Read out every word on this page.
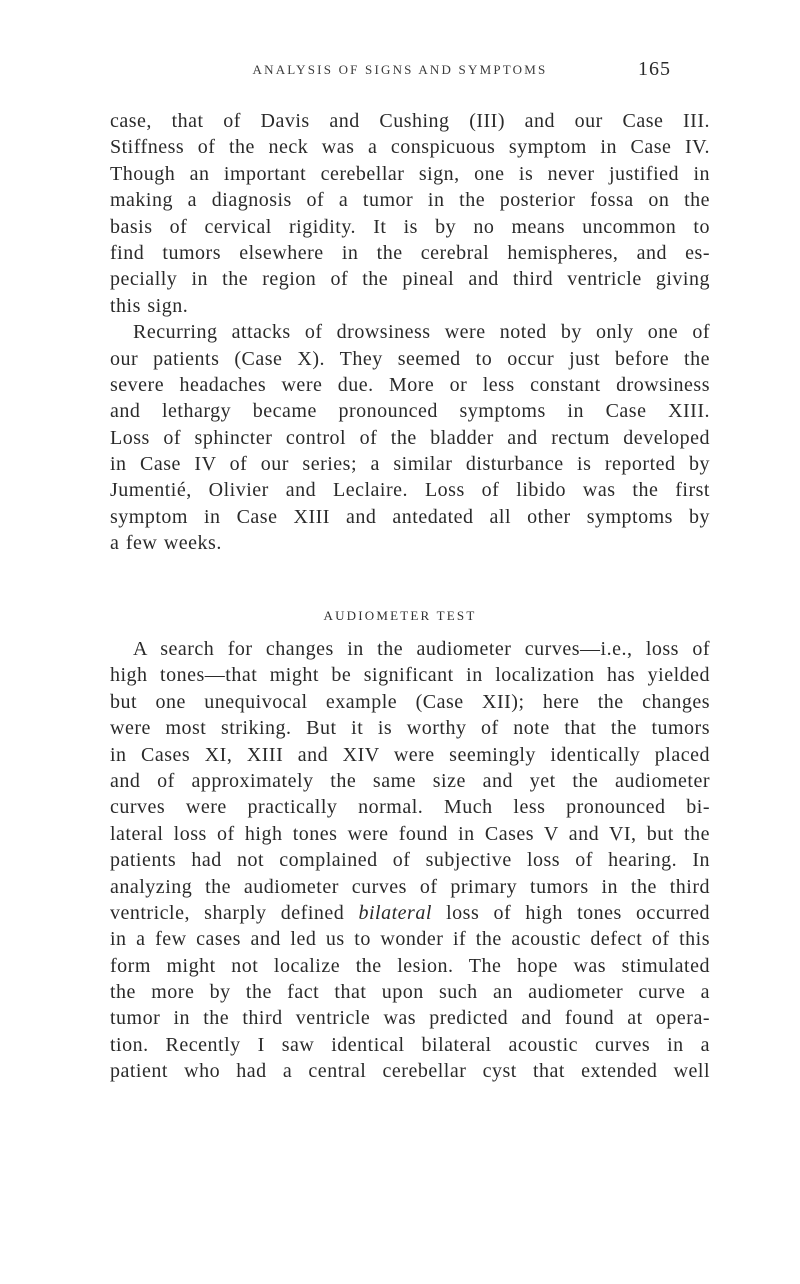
ANALYSIS OF SIGNS AND SYMPTOMS	165
case, that of Davis and Cushing (III) and our Case III.
Stiffness of the neck was a conspicuous symptom in Case IV.
Though an important cerebellar sign, one is never justified in
making a diagnosis of a tumor in the posterior fossa on the
basis of cervical rigidity. It is by no means uncommon to
find tumors elsewhere in the cerebral hemispheres, and es-
pecially in the region of the pineal and third ventricle giving
this sign.
Recurring attacks of drowsiness were noted by only one of
our patients (Case X). They seemed to occur just before the
severe headaches were due. More or less constant drowsiness
and lethargy became pronounced symptoms in Case XIII.
Loss of sphincter control of the bladder and rectum developed
in Case IV of our series; a similar disturbance is reported by
Jumentié, Olivier and Leclaire. Loss of libido was the first
symptom in Case XIII and antedated all other symptoms by
a few weeks.
AUDIOMETER TEST
A search for changes in the audiometer curves—i.e., loss of
high tones—that might be significant in localization has yielded
but one unequivocal example (Case XII); here the changes
were most striking. But it is worthy of note that the tumors
in Cases XI, XIII and XIV were seemingly identically placed
and of approximately the same size and yet the audiometer
curves were practically normal. Much less pronounced bi-
lateral loss of high tones were found in Cases V and VI, but the
patients had not complained of subjective loss of hearing. In
analyzing the audiometer curves of primary tumors in the third
ventricle, sharply defined bilateral loss of high tones occurred
in a few cases and led us to wonder if the acoustic defect of this
form might not localize the lesion. The hope was stimulated
the more by the fact that upon such an audiometer curve a
tumor in the third ventricle was predicted and found at opera-
tion. Recently I saw identical bilateral acoustic curves in a
patient who had a central cerebellar cyst that extended well
